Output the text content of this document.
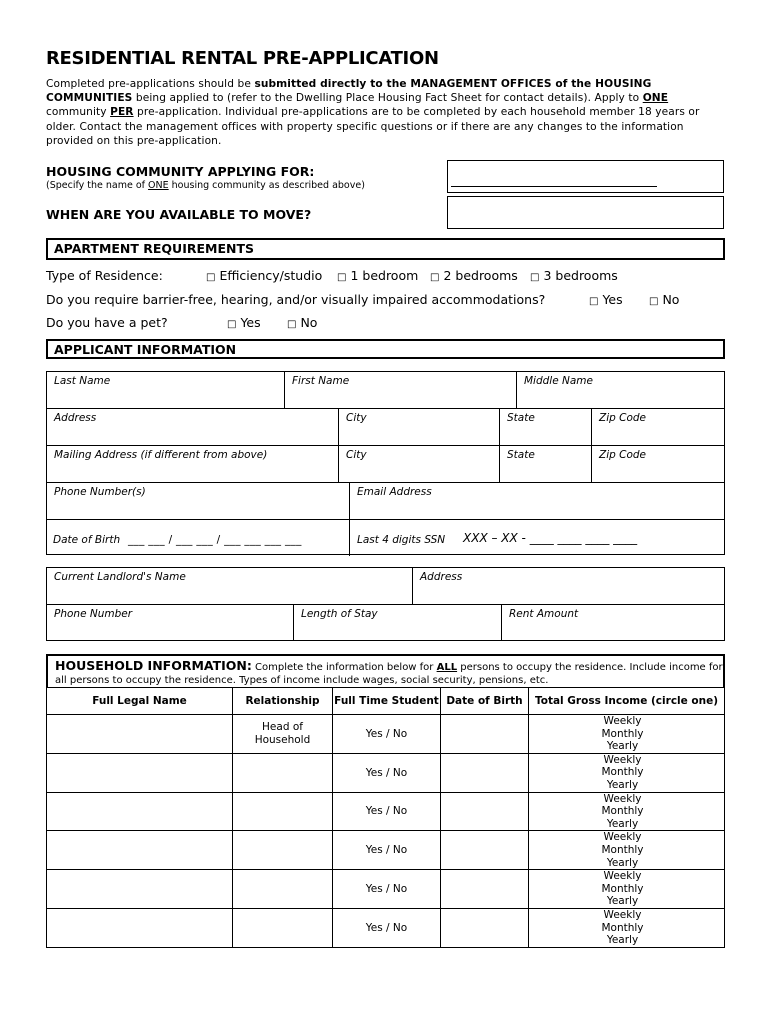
RESIDENTIAL RENTAL PRE-APPLICATION
Completed pre-applications should be submitted directly to the MANAGEMENT OFFICES of the HOUSING COMMUNITIES being applied to (refer to the Dwelling Place Housing Fact Sheet for contact details). Apply to ONE community PER pre-application. Individual pre-applications are to be completed by each household member 18 years or older. Contact the management offices with property specific questions or if there are any changes to the information provided on this pre-application.
HOUSING COMMUNITY APPLYING FOR:
(Specify the name of ONE housing community as described above)
WHEN ARE YOU AVAILABLE TO MOVE?
APARTMENT REQUIREMENTS
Type of Residence:	□ Efficiency/studio	□ 1 bedroom	□ 2 bedrooms	□ 3 bedrooms
Do you require barrier-free, hearing, and/or visually impaired accommodations?	□ Yes	□ No
Do you have a pet?	□ Yes	□ No
APPLICANT INFORMATION
Last Name	First Name	Middle Name
Address	City	State	Zip Code
Mailing Address (if different from above)	City	State	Zip Code
Phone Number(s)	Email Address
Date of Birth ___ ___ / ___ ___ / ___ ___ ___ ___	Last 4 digits SSN XXX – XX - ____ ____ ____ ____
Current Landlord's Name	Address
Phone Number	Length of Stay	Rent Amount
HOUSEHOLD INFORMATION: Complete the information below for ALL persons to occupy the residence. Include income for all persons to occupy the residence. Types of income include wages, social security, pensions, etc.
Full Legal Name	Relationship	Full Time Student	Date of Birth	Total Gross Income (circle one)
	Head of Household	Yes / No		Weekly
Monthly
Yearly

		Yes / No		Weekly
Monthly
Yearly

		Yes / No		Weekly
Monthly
Yearly

		Yes / No		Weekly
Monthly
Yearly

		Yes / No		Weekly
Monthly
Yearly

		Yes / No		Weekly
Monthly
Yearly
